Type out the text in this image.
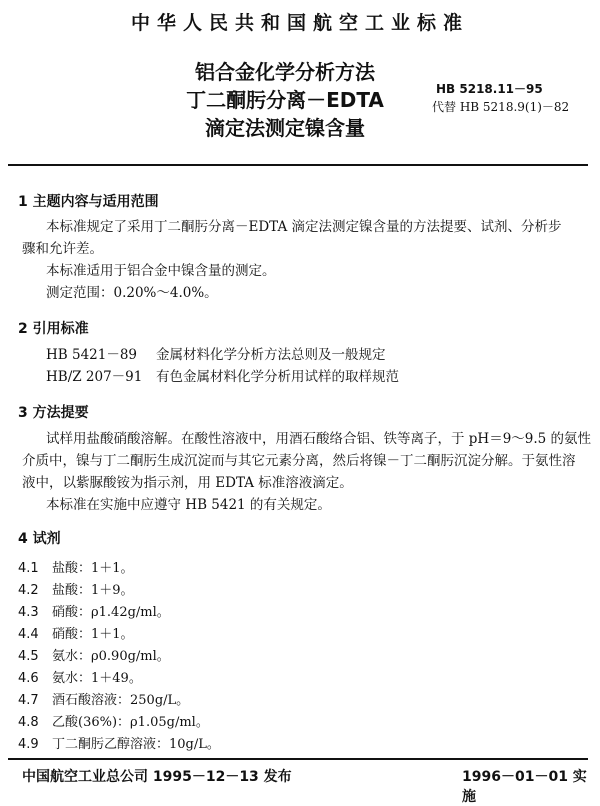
中华人民共和国航空工业标准
铝合金化学分析方法
丁二酮肟分离－EDTA
滴定法测定镍含量
HB 5218.11－95
代替 HB 5218.9(1)－82
1 主题内容与适用范围
本标准规定了采用丁二酮肟分离－EDTA 滴定法测定镍含量的方法提要、试剂、分析步
骤和允许差。
本标准适用于铝合金中镍含量的测定。
测定范围：0.20%～4.0%。
2 引用标准
HB 5421－89 金属材料化学分析方法总则及一般规定
HB/Z 207－91 有色金属材料化学分析用试样的取样规范
3 方法提要
试样用盐酸硝酸溶解。在酸性溶液中，用酒石酸络合铝、铁等离子，于 pH＝9～9.5 的氨性
介质中，镍与丁二酮肟生成沉淀而与其它元素分离，然后将镍－丁二酮肟沉淀分解。于氨性溶
液中，以紫脲酸铵为指示剂，用 EDTA 标准溶液滴定。
本标准在实施中应遵守 HB 5421 的有关规定。
4 试剂
4.1 盐酸：1＋1。
4.2 盐酸：1＋9。
4.3 硝酸：ρ1.42g/ml。
4.4 硝酸：1＋1。
4.5 氨水：ρ0.90g/ml。
4.6 氨水：1＋49。
4.7 酒石酸溶液：250g/L。
4.8 乙酸(36%)：ρ1.05g/ml。
4.9 丁二酮肟乙醇溶液：10g/L。
中国航空工业总公司 1995－12－13 发布	1996－01－01 实施
